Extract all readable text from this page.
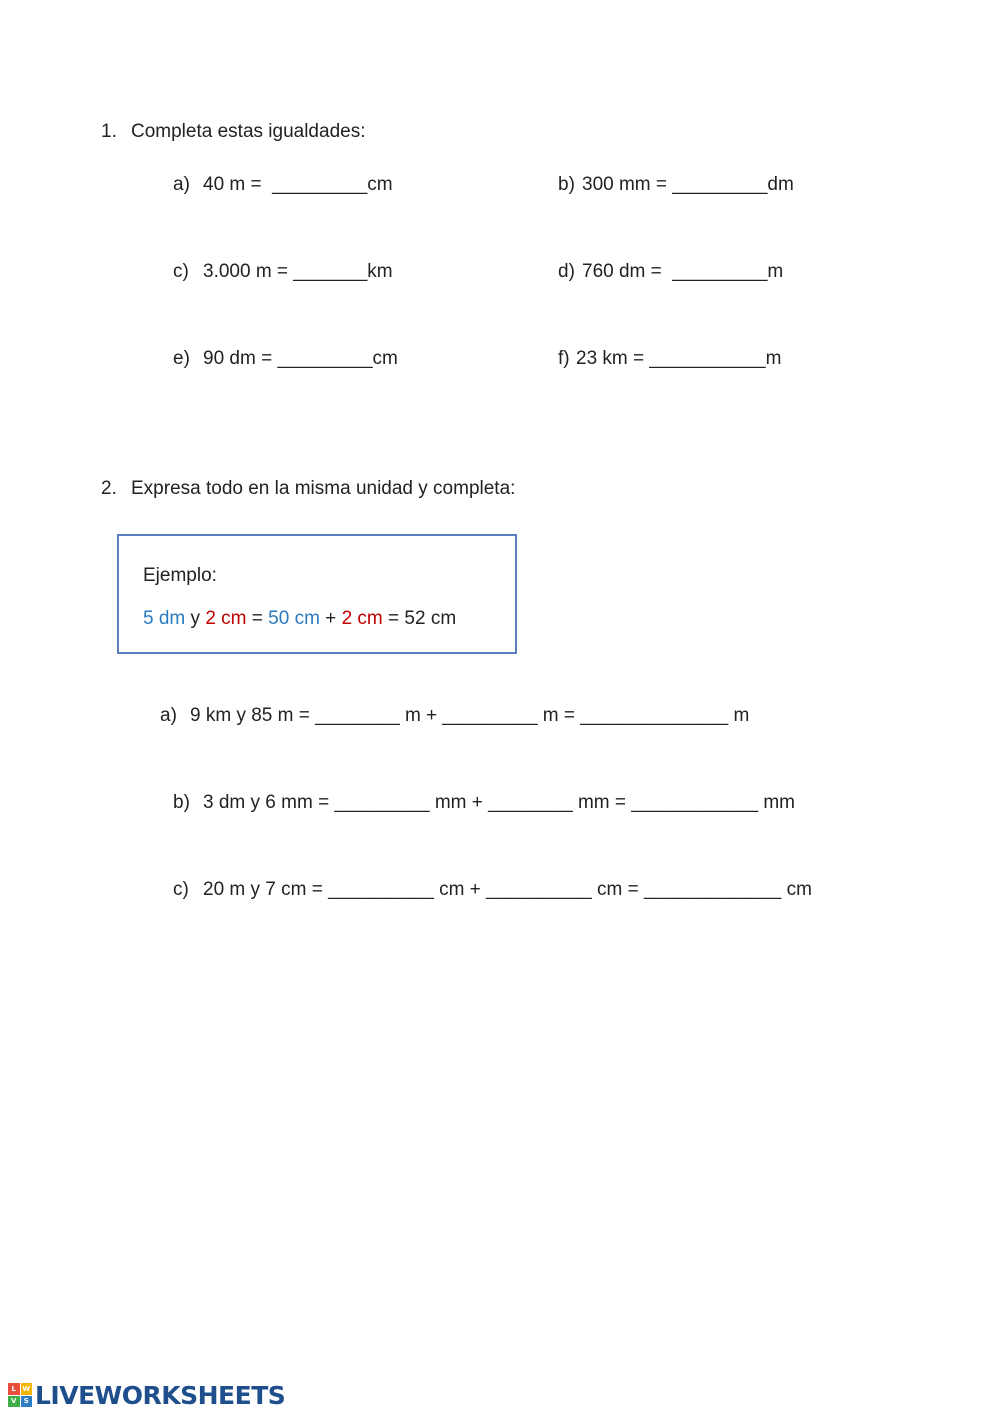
1. Completa estas igualdades:
a) 40 m =  _________cm	b) 300 mm = _________dm
c) 3.000 m = _______km	d) 760 dm =  _________m
e) 90 dm = _________cm	f) 23 km = ___________m
2. Expresa todo en la misma unidad y completa:
Ejemplo:
5 dm y 2 cm = 50 cm + 2 cm = 52 cm
a) 9 km y 85 m = ________ m + _________ m = ______________ m
b) 3 dm y 6 mm = _________ mm + ________ mm = ____________ mm
c) 20 m y 7 cm = __________ cm + __________ cm = _____________ cm
L W
V	S LIVEWORKSHEETS
